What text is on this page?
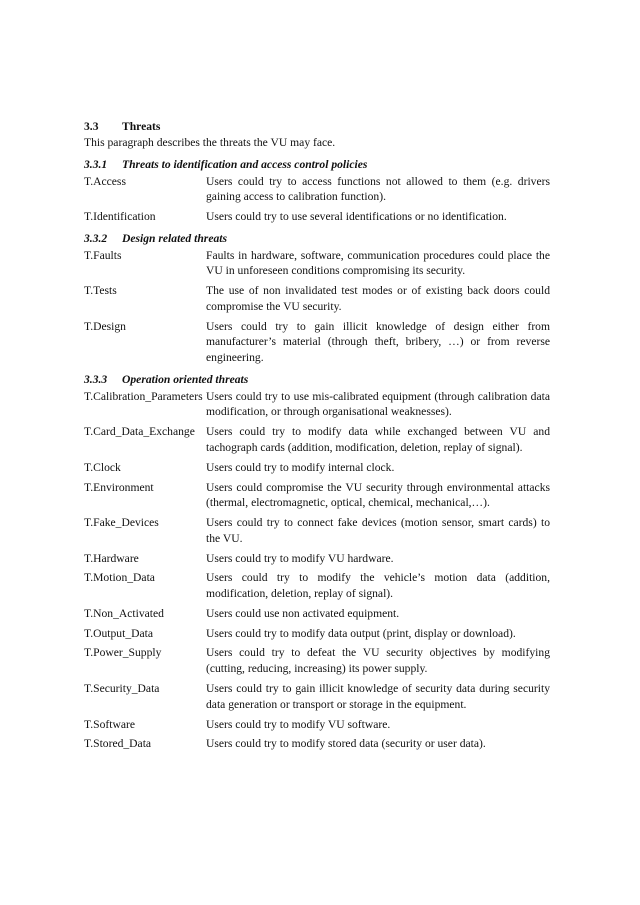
3.3	Threats

This paragraph describes the threats the VU may face.

3.3.1	Threats to identification and access control policies
T.Access	Users could try to access functions not allowed to them (e.g. drivers gaining access to calibration function).
T.Identification	Users could try to use several identifications or no identification.
3.3.2	Design related threats
T.Faults	Faults in hardware, software, communication procedures could place the VU in unforeseen conditions compromising its security.
T.Tests	The use of non invalidated test modes or of existing back doors could compromise the VU security.
T.Design	Users could try to gain illicit knowledge of design either from manufacturer’s material (through theft, bribery, …) or from reverse engineering.
3.3.3	Operation oriented threats
T.Calibration_Parameters Users could try to use mis-calibrated equipment (through calibration data modification, or through organisational weaknesses).
T.Card_Data_Exchange Users could try to modify data while exchanged between VU and tachograph cards (addition, modification, deletion, replay of signal).
T.Clock	Users could try to modify internal clock.
T.Environment	Users could compromise the VU security through environmental attacks (thermal, electromagnetic, optical, chemical, mechanical,…).
T.Fake_Devices	Users could try to connect fake devices (motion sensor, smart cards) to the VU.
T.Hardware	Users could try to modify VU hardware.
T.Motion_Data	Users could try to modify the vehicle’s motion data (addition, modification, deletion, replay of signal).
T.Non_Activated	Users could use non activated equipment.
T.Output_Data	Users could try to modify data output (print, display or download).
T.Power_Supply	Users could try to defeat the VU security objectives by modifying (cutting, reducing, increasing) its power supply.
T.Security_Data	Users could try to gain illicit knowledge of security data during security data generation or transport or storage in the equipment.
T.Software	Users could try to modify VU software.
T.Stored_Data	Users could try to modify stored data (security or user data).
